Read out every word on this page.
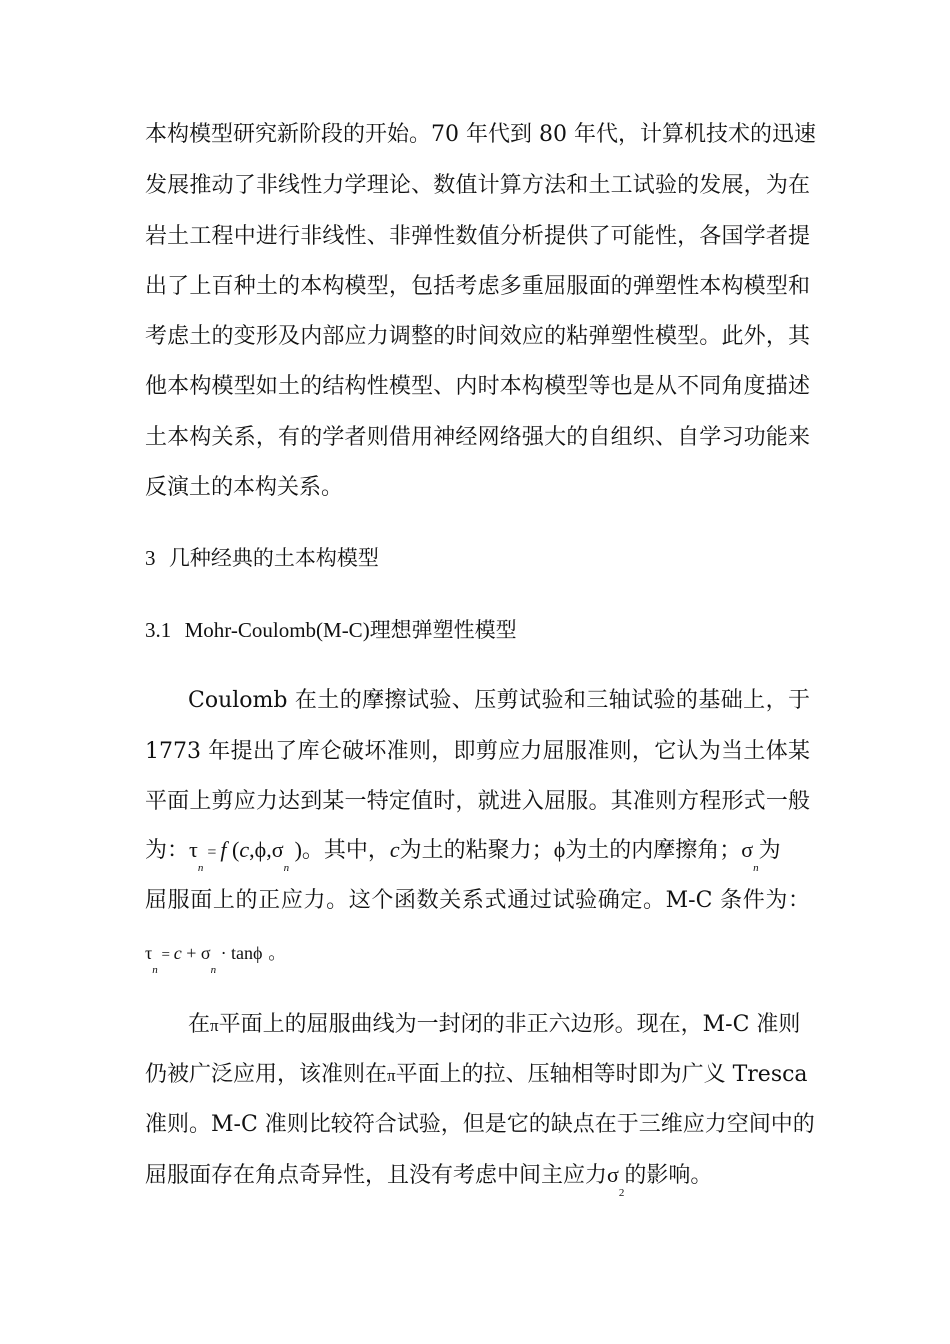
本构模型研究新阶段的开始。70 年代到 80 年代，计算机技术的迅速
发展推动了非线性力学理论、数值计算方法和土工试验的发展，为在
岩土工程中进行非线性、非弹性数值分析提供了可能性，各国学者提
出了上百种土的本构模型，包括考虑多重屈服面的弹塑性本构模型和
考虑土的变形及内部应力调整的时间效应的粘弹塑性模型。此外，其
他本构模型如土的结构性模型、内时本构模型等也是从不同角度描述
土本构关系，有的学者则借用神经网络强大的自组织、自学习功能来
反演土的本构关系。
3 几种经典的土本构模型
3.1 Mohr-Coulomb(M-C)理想弹塑性模型
Coulomb 在土的摩擦试验、压剪试验和三轴试验的基础上，于
1773 年提出了库仑破坏准则，即剪应力屈服准则，它认为当土体某
平面上剪应力达到某一特定值时，就进入屈服。其准则方程形式一般
为：$\tau_n = f$ ($c,\phi,\sigma_n$ )。其中，c为土的粘聚力；ϕ为土的内摩擦角；$\sigma_n$为
屈服面上的正应力。这个函数关系式通过试验确定。M-C 条件为：
$\tau_n = c + \sigma_n \cdot \tan\phi$ 。
在π平面上的屈服曲线为一封闭的非正六边形。现在，M-C 准则
仍被广泛应用，该准则在π平面上的拉、压轴相等时即为广义 Tresca
准则。M-C 准则比较符合试验，但是它的缺点在于三维应力空间中的
屈服面存在角点奇异性，且没有考虑中间主应力$\sigma_2$的影响。
